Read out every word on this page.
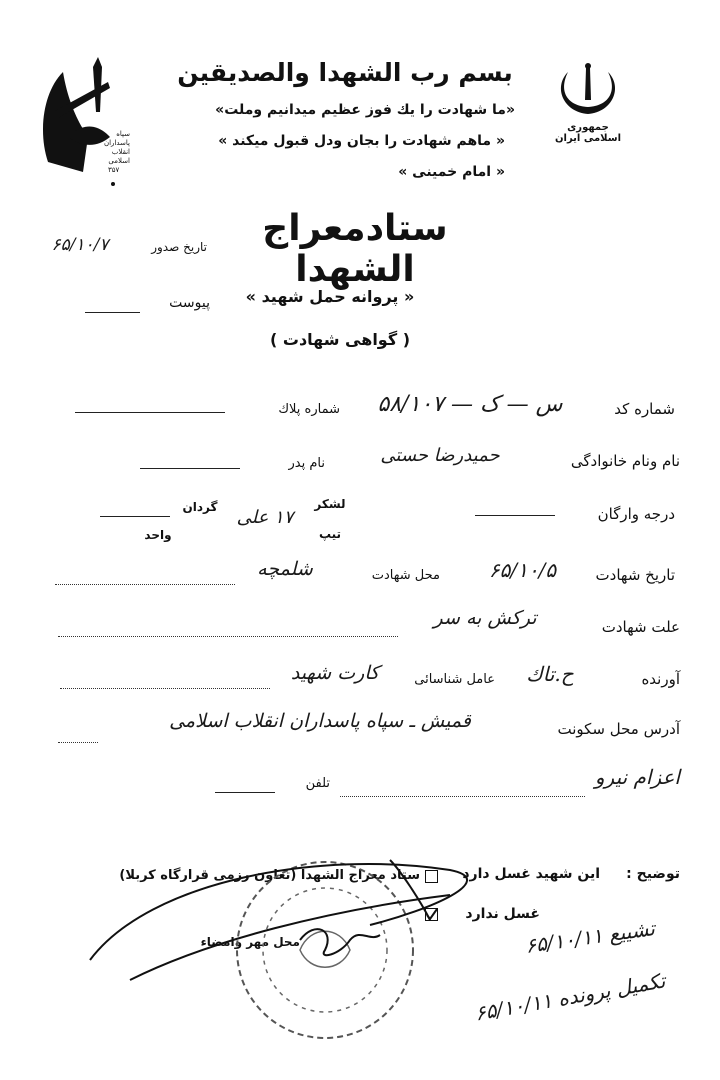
سپاه
پاسداران
انقلاب
اسلامی
۳۵۷
جمهوری اسلامی ایران
بسم رب الشهدا والصديقين
«ما شهادت را یك فوز عظیم میدانیم وملت»
« ماهم شهادت را بجان ودل قبول میکند »
« امام خمینی »
ستادمعراج الشهدا
« پروانه حمل شهید »
( گواهی شهادت )
تاریخ صدور
۶۵/۱۰/۷
پیوست
شماره کد
۵۸/۱۰۷ — س — ک
شماره پلاك
نام ونام خانوادگی
حمیدرضا حستی
نام پدر
درجه وارگان
لشکر
تیپ
۱۷ علی
گردان
واحد
تاریخ شهادت
۶۵/۱۰/۵
محل شهادت
شلمچه
علت شهادت
ترکش به سر
آورنده
ح.تاك
عامل شناسائی
کارت شهید
آدرس محل سکونت
قمیش ـ سپاه پاسداران انقلاب اسلامی
اعزام نیرو
تلفن
توضیح :
این شهید غسل دارد
ستاد معراج الشهدا (تعاون رزمی قرارگاه کربلا)
غسل ندارد
محل مهر وامضاء	تشییع ۶۵/۱۰/۱۱
تکمیل پرونده ۶۵/۱۰/۱۱
